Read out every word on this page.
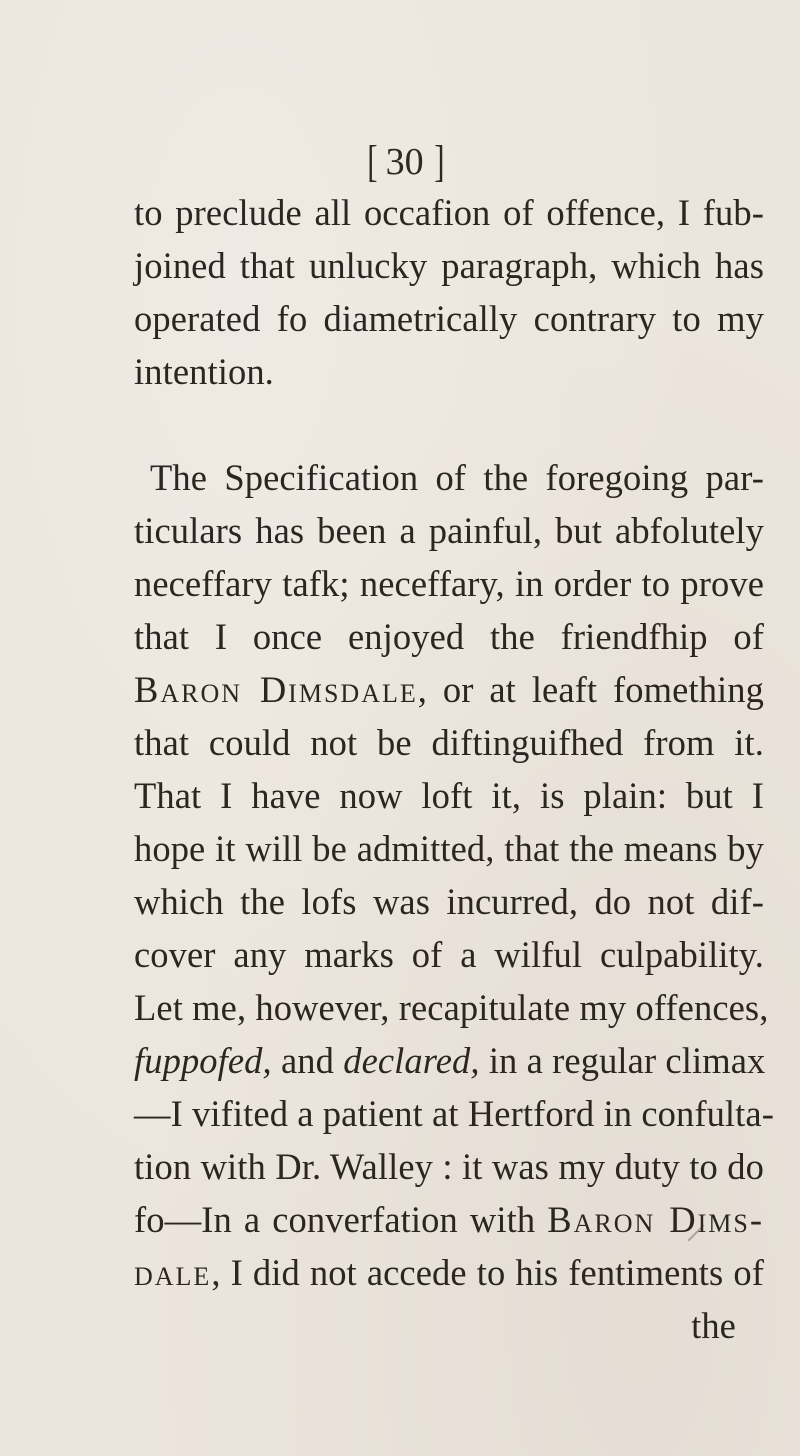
[ 30 ]
to preclude all occafion of offence, I fub-
joined that unlucky paragraph, which has
operated fo diametrically contrary to my
intention.
The Specification of the foregoing par-
ticulars has been a painful, but abfolutely
neceffary tafk; neceffary, in order to prove
that I once enjoyed the friendfhip of
Baron Dimsdale, or at leaft fomething
that could not be diftinguifhed from it.
That I have now loft it, is plain: but I
hope it will be admitted, that the means by
which the lofs was incurred, do not dif-
cover any marks of a wilful culpability.
Let me, however, recapitulate my offences,
fuppofed, and declared, in a regular climax
—I vifited a patient at Hertford in confulta-
tion with Dr. Walley : it was my duty to do
fo—In a converfation with Baron Dims-
dale, I did not accede to his fentiments of
the
